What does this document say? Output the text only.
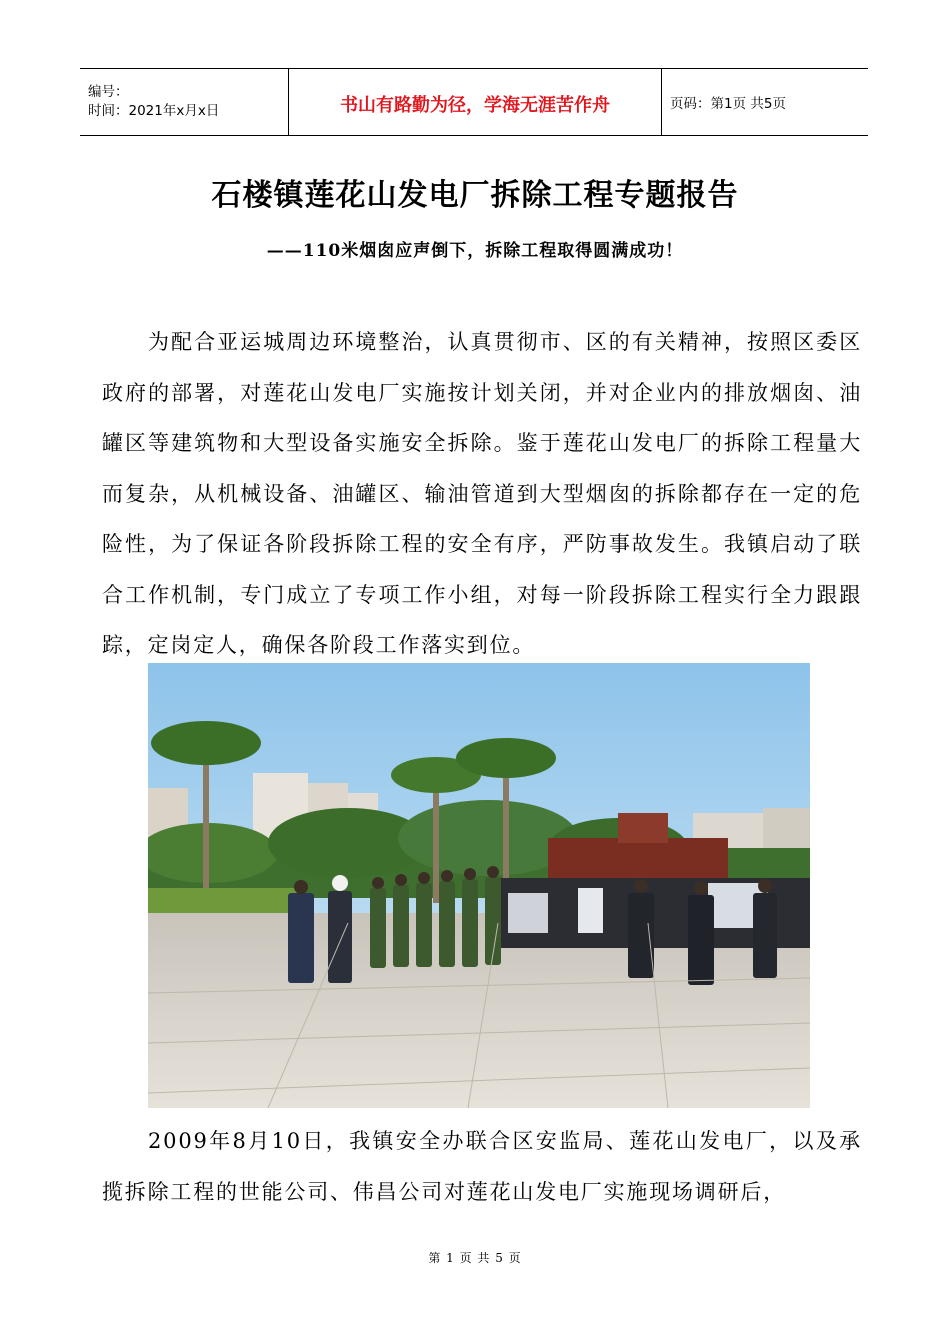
编号：
时间：2021年x月x日	书山有路勤为径，学海无涯苦作舟	页码：第1页 共5页
石楼镇莲花山发电厂拆除工程专题报告
——110米烟囱应声倒下，拆除工程取得圆满成功！

为配合亚运城周边环境整治，认真贯彻市、区的有关精神，按照区委区政府的部署，对莲花山发电厂实施按计划关闭，并对企业内的排放烟囱、油罐区等建筑物和大型设备实施安全拆除。鉴于莲花山发电厂的拆除工程量大而复杂，从机械设备、油罐区、输油管道到大型烟囱的拆除都存在一定的危险性，为了保证各阶段拆除工程的安全有序，严防事故发生。我镇启动了联合工作机制，专门成立了专项工作小组，对每一阶段拆除工程实行全力跟跟踪，定岗定人，确保各阶段工作落实到位。

2009年8月10日，我镇安全办联合区安监局、莲花山发电厂，以及承揽拆除工程的世能公司、伟昌公司对莲花山发电厂实施现场调研后，

第 1 页 共 5 页
